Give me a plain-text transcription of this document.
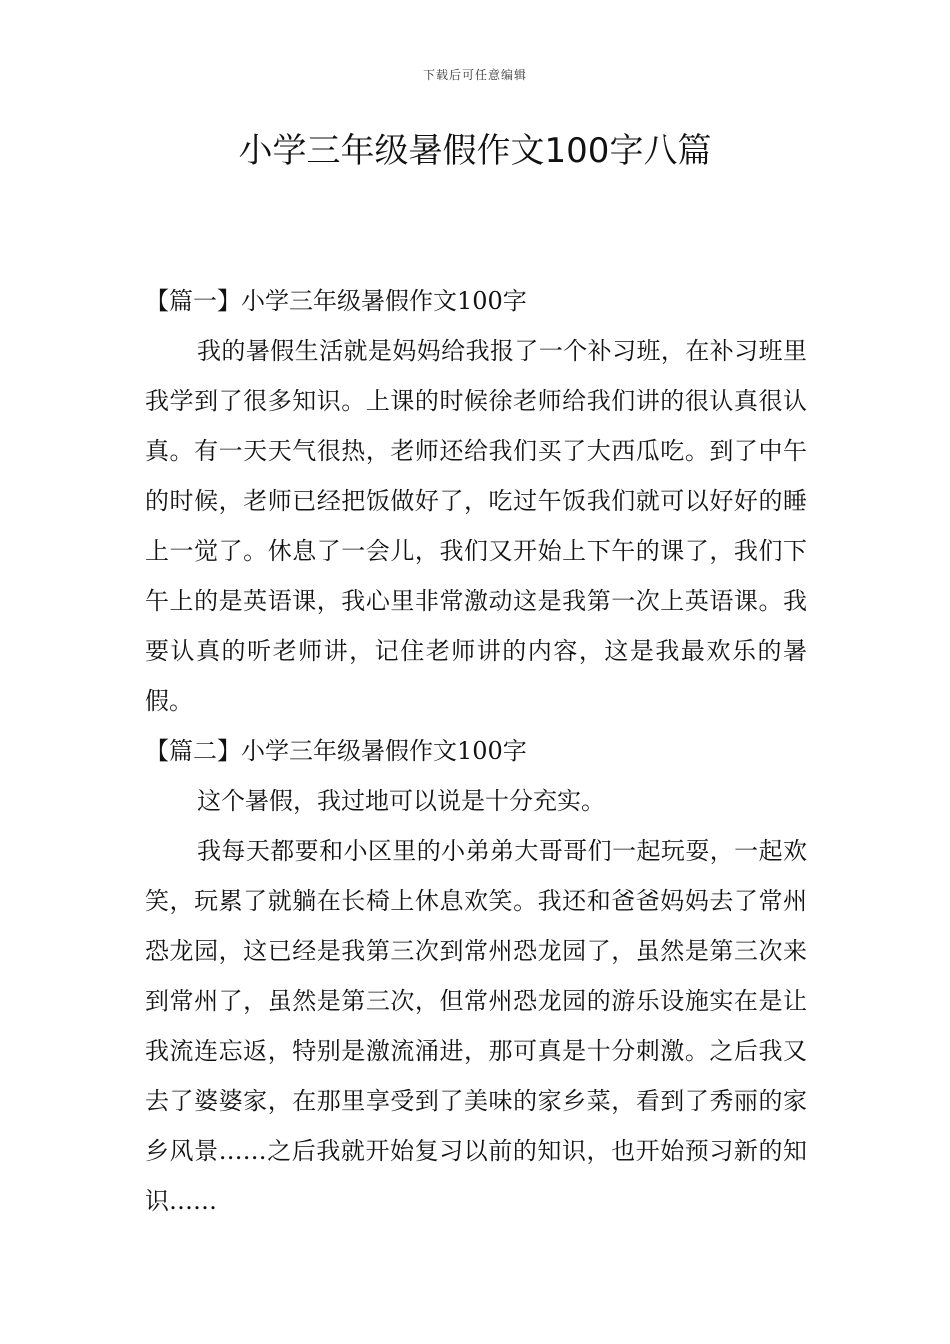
下载后可任意编辑
小学三年级暑假作文100字八篇

【篇一】小学三年级暑假作文100字

我的暑假生活就是妈妈给我报了一个补习班，在补习班里我学到了很多知识。上课的时候徐老师给我们讲的很认真很认真。有一天天气很热，老师还给我们买了大西瓜吃。到了中午的时候，老师已经把饭做好了，吃过午饭我们就可以好好的睡上一觉了。休息了一会儿，我们又开始上下午的课了，我们下午上的是英语课，我心里非常激动这是我第一次上英语课。我要认真的听老师讲，记住老师讲的内容，这是我最欢乐的暑假。

【篇二】小学三年级暑假作文100字

这个暑假，我过地可以说是十分充实。

我每天都要和小区里的小弟弟大哥哥们一起玩耍，一起欢笑，玩累了就躺在长椅上休息欢笑。我还和爸爸妈妈去了常州恐龙园，这已经是我第三次到常州恐龙园了，虽然是第三次来到常州了，虽然是第三次，但常州恐龙园的游乐设施实在是让我流连忘返，特别是激流涌进，那可真是十分刺激。之后我又去了婆婆家，在那里享受到了美味的家乡菜，看到了秀丽的家乡风景……之后我就开始复习以前的知识，也开始预习新的知识……
